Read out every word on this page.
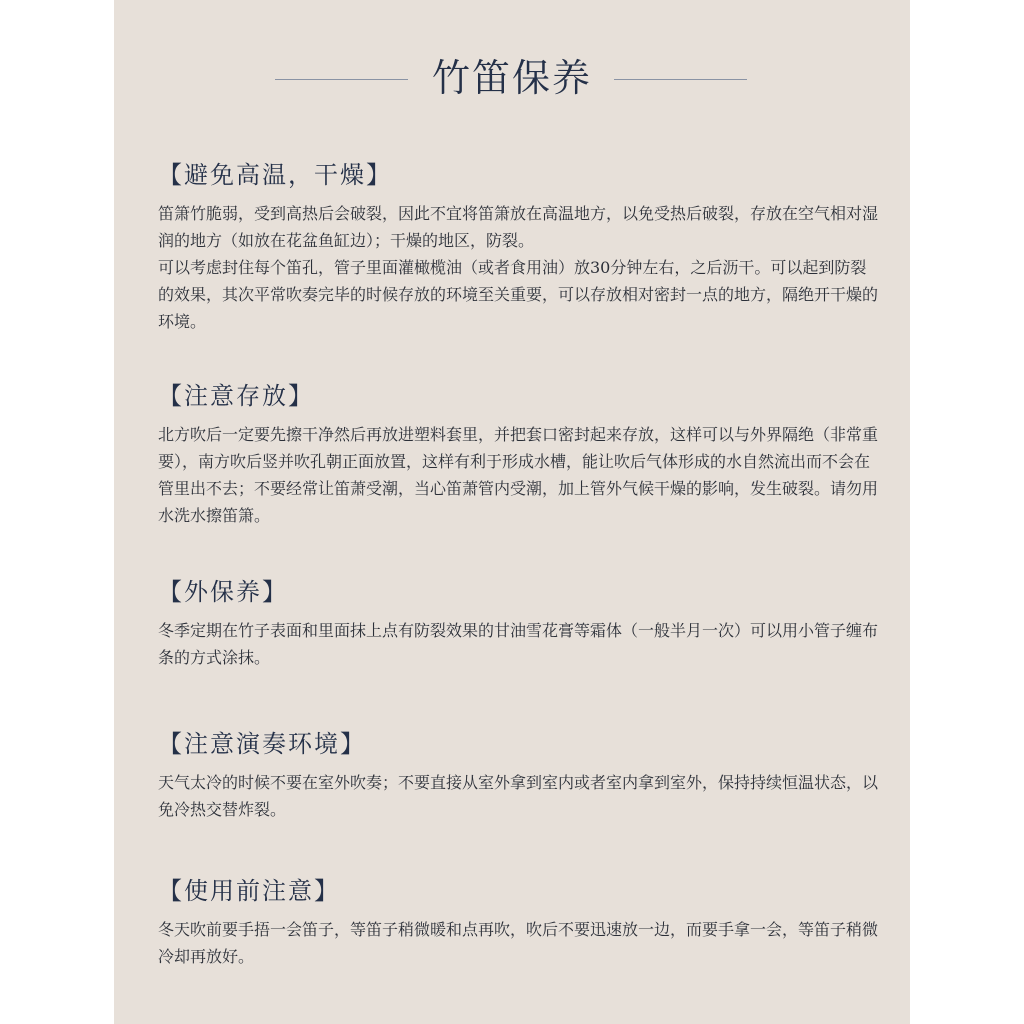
竹笛保养
【避免高温，干燥】

笛箫竹脆弱，受到高热后会破裂，因此不宜将笛箫放在高温地方，以免受热后破裂，存放在空气相对湿润的地方（如放在花盆鱼缸边）；干燥的地区，防裂。

可以考虑封住每个笛孔，管子里面灌橄榄油（或者食用油）放30分钟左右，之后沥干。可以起到防裂的效果，其次平常吹奏完毕的时候存放的环境至关重要，可以存放相对密封一点的地方，隔绝开干燥的环境。

【注意存放】

北方吹后一定要先擦干净然后再放进塑料套里，并把套口密封起来存放，这样可以与外界隔绝（非常重要），南方吹后竖并吹孔朝正面放置，这样有利于形成水槽，能让吹后气体形成的水自然流出而不会在管里出不去；不要经常让笛萧受潮，当心笛萧管内受潮，加上管外气候干燥的影响，发生破裂。请勿用水洗水擦笛箫。

【外保养】

冬季定期在竹子表面和里面抹上点有防裂效果的甘油雪花膏等霜体（一般半月一次）可以用小管子缠布条的方式涂抹。

【注意演奏环境】

天气太冷的时候不要在室外吹奏；不要直接从室外拿到室内或者室内拿到室外，保持持续恒温状态，以免冷热交替炸裂。

【使用前注意】

冬天吹前要手捂一会笛子，等笛子稍微暖和点再吹，吹后不要迅速放一边，而要手拿一会，等笛子稍微冷却再放好。
